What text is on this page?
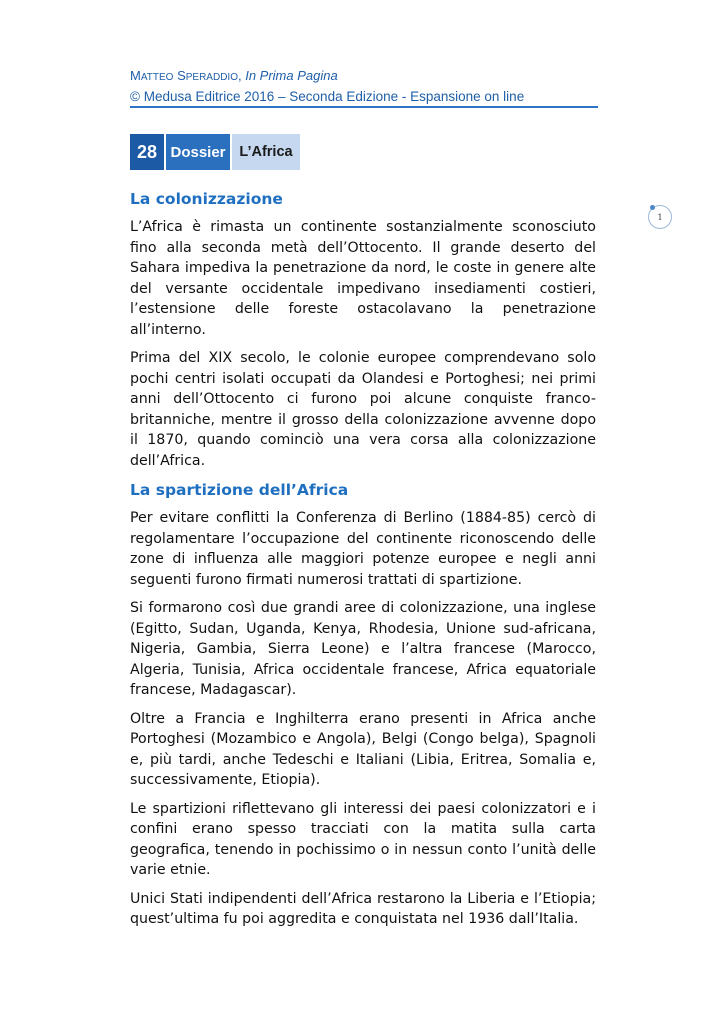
MATTEO SPERADDIO, In Prima Pagina
© Medusa Editrice 2016 – Seconda Edizione - Espansione on line
28 Dossier L’Africa
1
La colonizzazione

L’Africa è rimasta un continente sostanzialmente sconosciuto fino alla seconda metà dell’Ottocento. Il grande deserto del Sahara impediva la penetrazione da nord, le coste in genere alte del versante occidentale impedivano insediamenti costieri, l’estensione delle foreste ostacolavano la penetrazione all’interno.

Prima del XIX secolo, le colonie europee comprendevano solo pochi centri isolati occupati da Olandesi e Portoghesi; nei primi anni dell’Ottocento ci furono poi alcune conquiste franco-britanniche, mentre il grosso della colonizzazione avvenne dopo il 1870, quando cominciò una vera corsa alla colonizzazione dell’Africa.

La spartizione dell’Africa

Per evitare conflitti la Conferenza di Berlino (1884-85) cercò di regolamentare l’occupazione del continente riconoscendo delle zone di influenza alle maggiori potenze europee e negli anni seguenti furono firmati numerosi trattati di spartizione.

Si formarono così due grandi aree di colonizzazione, una inglese (Egitto, Sudan, Uganda, Kenya, Rhodesia, Unione sud-africana, Nigeria, Gambia, Sierra Leone) e l’altra francese (Marocco, Algeria, Tunisia, Africa occidentale francese, Africa equatoriale francese, Madagascar).

Oltre a Francia e Inghilterra erano presenti in Africa anche Portoghesi (Mozambico e Angola), Belgi (Congo belga), Spagnoli e, più tardi, anche Tedeschi e Italiani (Libia, Eritrea, Somalia e, successivamente, Etiopia).

Le spartizioni riflettevano gli interessi dei paesi colonizzatori e i confini erano spesso tracciati con la matita sulla carta geografica, tenendo in pochissimo o in nessun conto l’unità delle varie etnie.

Unici Stati indipendenti dell’Africa restarono la Liberia e l’Etiopia; quest’ultima fu poi aggredita e conquistata nel 1936 dall’Italia.
